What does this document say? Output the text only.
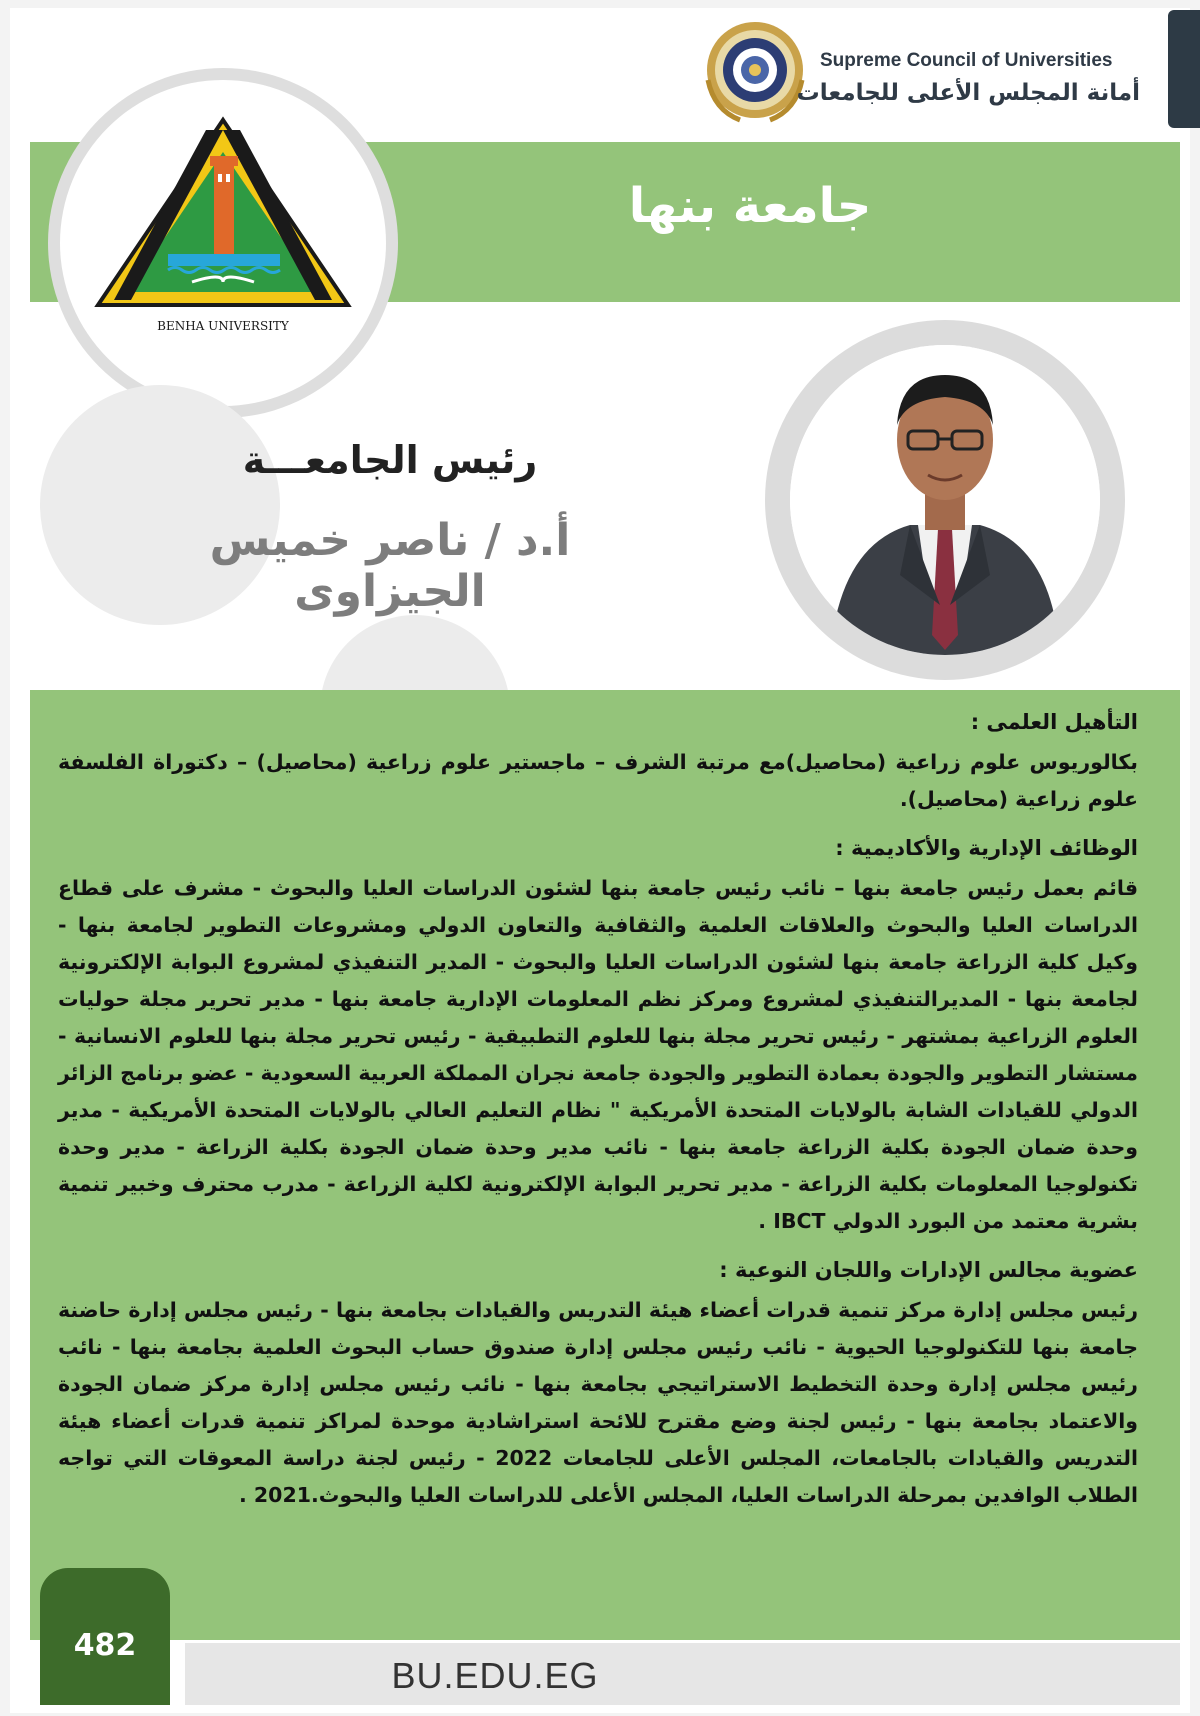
Supreme Council of Universities
أمانة المجلس الأعلى للجامعات
جامعة بنها
BENHA UNIVERSITY
رئيس الجامعـــة
أ.د / ناصر خميس الجيزاوى
التأهيل العلمى :
بكالوريوس علوم زراعية (محاصيل)مع مرتبة الشرف – ماجستير علوم زراعية (محاصيل) – دكتوراة الفلسفة علوم زراعية (محاصيل).
الوظائف الإدارية والأكاديمية :
قائم بعمل رئيس جامعة بنها – نائب رئيس جامعة بنها لشئون الدراسات العليا والبحوث - مشرف على قطاع الدراسات العليا والبحوث والعلاقات العلمية والثقافية والتعاون الدولي ومشروعات التطوير لجامعة بنها - وكيل كلية الزراعة جامعة بنها لشئون الدراسات العليا والبحوث - المدير التنفيذي لمشروع البوابة الإلكترونية لجامعة بنها - المديرالتنفيذي لمشروع ومركز نظم المعلومات الإدارية جامعة بنها - مدير تحرير مجلة حوليات العلوم الزراعية بمشتهر - رئيس تحرير مجلة بنها للعلوم التطبيقية - رئيس تحرير مجلة بنها للعلوم الانسانية - مستشار التطوير والجودة بعمادة التطوير والجودة جامعة نجران المملكة العربية السعودية - عضو برنامج الزائر الدولي للقيادات الشابة بالولايات المتحدة الأمريكية " نظام التعليم العالي بالولايات المتحدة الأمريكية - مدير وحدة ضمان الجودة بكلية الزراعة جامعة بنها - نائب مدير وحدة ضمان الجودة بكلية الزراعة - مدير وحدة تكنولوجيا المعلومات بكلية الزراعة - مدير تحرير البوابة الإلكترونية لكلية الزراعة - مدرب محترف وخبير تنمية بشرية معتمد من البورد الدولي IBCT .
عضوية مجالس الإدارات واللجان النوعية :
رئيس مجلس إدارة مركز تنمية قدرات أعضاء هيئة التدريس والقيادات بجامعة بنها - رئيس مجلس إدارة حاضنة جامعة بنها للتكنولوجيا الحيوية - نائب رئيس مجلس إدارة صندوق حساب البحوث العلمية بجامعة بنها - نائب رئيس مجلس إدارة وحدة التخطيط الاستراتيجي بجامعة بنها - نائب رئيس مجلس إدارة مركز ضمان الجودة والاعتماد بجامعة بنها - رئيس لجنة وضع مقترح للائحة استراشادية موحدة لمراكز تنمية قدرات أعضاء هيئة التدريس والقيادات بالجامعات، المجلس الأعلى للجامعات 2022 - رئيس لجنة دراسة المعوقات التي تواجه الطلاب الوافدين بمرحلة الدراسات العليا، المجلس الأعلى للدراسات العليا والبحوث.2021 .
482
BU.EDU.EG
